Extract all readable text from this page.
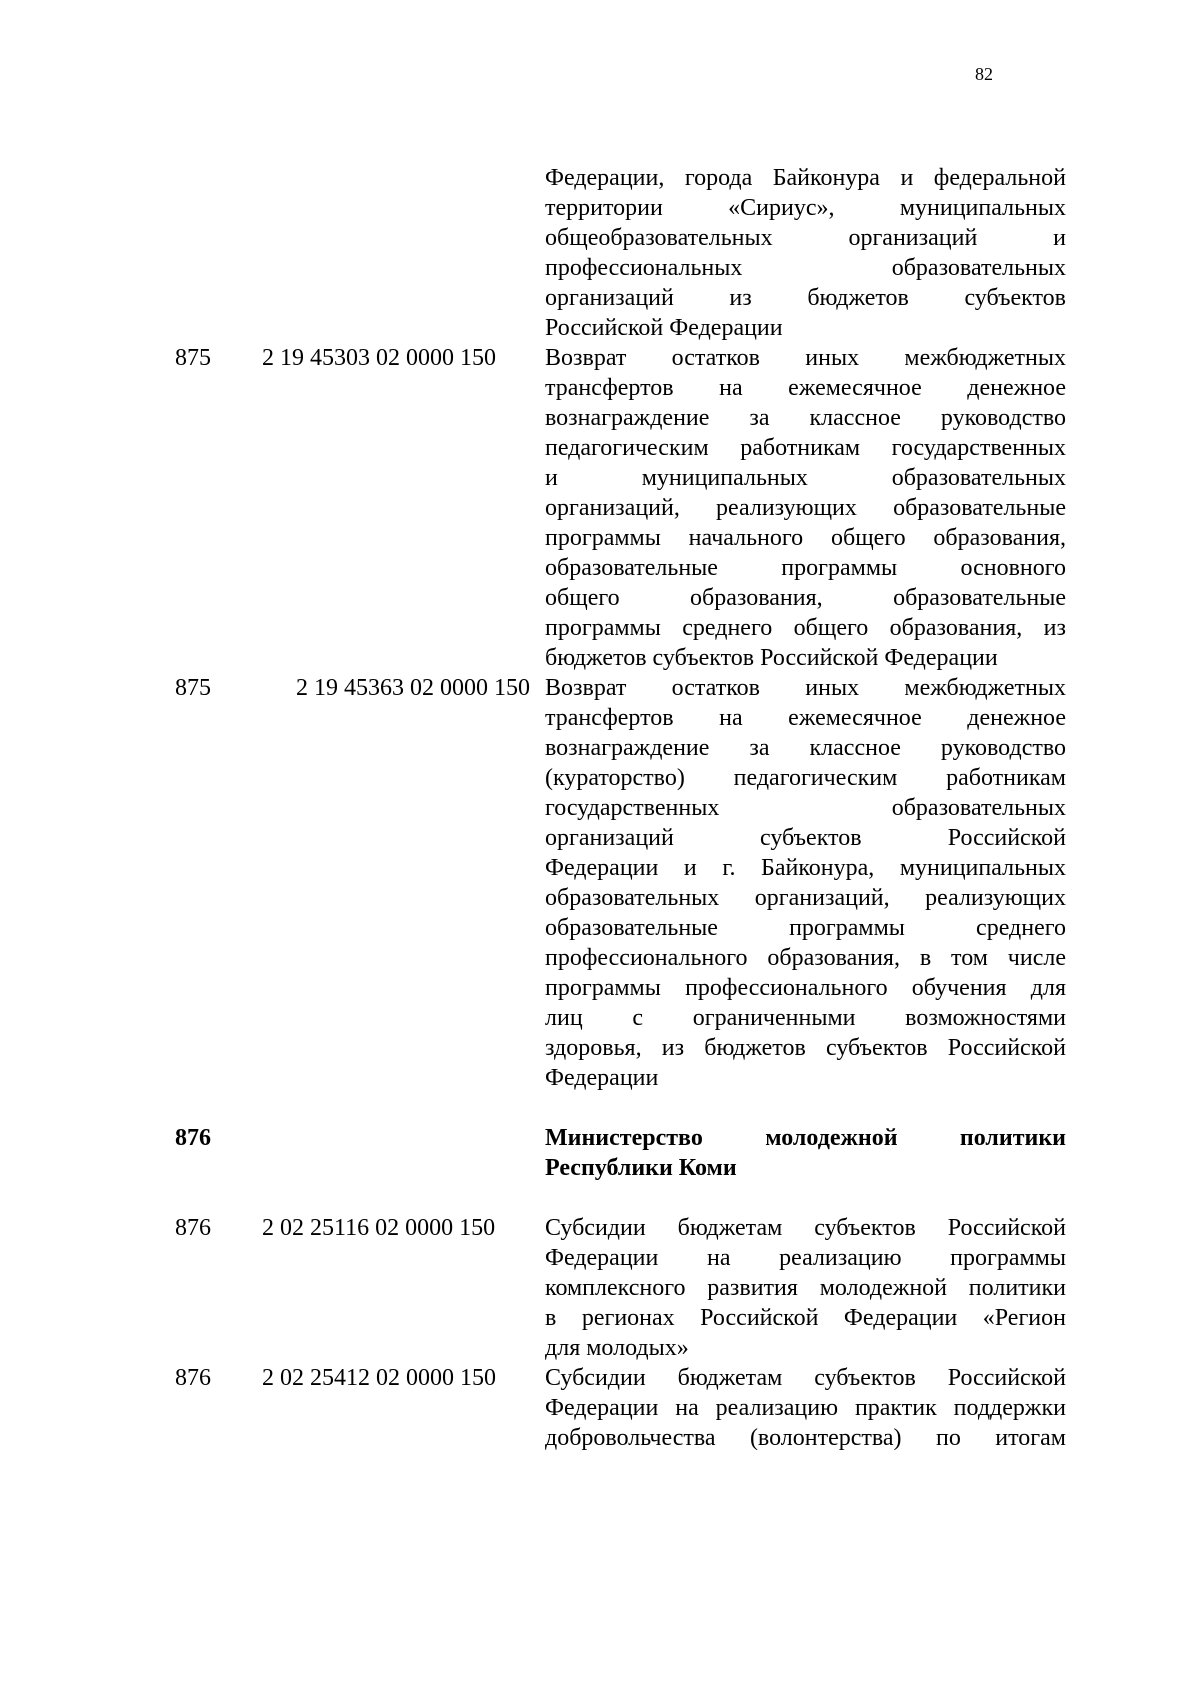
82
Федерации, города Байконура и федеральной
территории «Сириус», муниципальных
общеобразовательных организаций и
профессиональных образовательных
организаций из бюджетов субъектов
Российской Федерации
875 2 19 45303 02 0000 150	Возврат остатков иных межбюджетных
трансфертов на ежемесячное денежное
вознаграждение за классное руководство
педагогическим работникам государственных
и муниципальных образовательных
организаций, реализующих образовательные
программы начального общего образования,
образовательные программы основного
общего образования, образовательные
программы среднего общего образования, из
бюджетов субъектов Российской Федерации
875	2 19 45363 02 0000 150 Возврат остатков иных межбюджетных
трансфертов на ежемесячное денежное
вознаграждение за классное руководство
(кураторство) педагогическим работникам
государственных образовательных
организаций субъектов Российской
Федерации и г. Байконура, муниципальных
образовательных организаций, реализующих
образовательные программы среднего
профессионального образования, в том числе
программы профессионального обучения для
лиц с ограниченными возможностями
здоровья, из бюджетов субъектов Российской
Федерации
876	Министерство молодежной политики
Республики Коми
876 2 02 25116 02 0000 150	Субсидии бюджетам субъектов Российской
Федерации на реализацию программы
комплексного развития молодежной политики
в регионах Российской Федерации «Регион
для молодых»
876 2 02 25412 02 0000 150	Субсидии бюджетам субъектов Российской
Федерации на реализацию практик поддержки
добровольчества (волонтерства) по итогам
